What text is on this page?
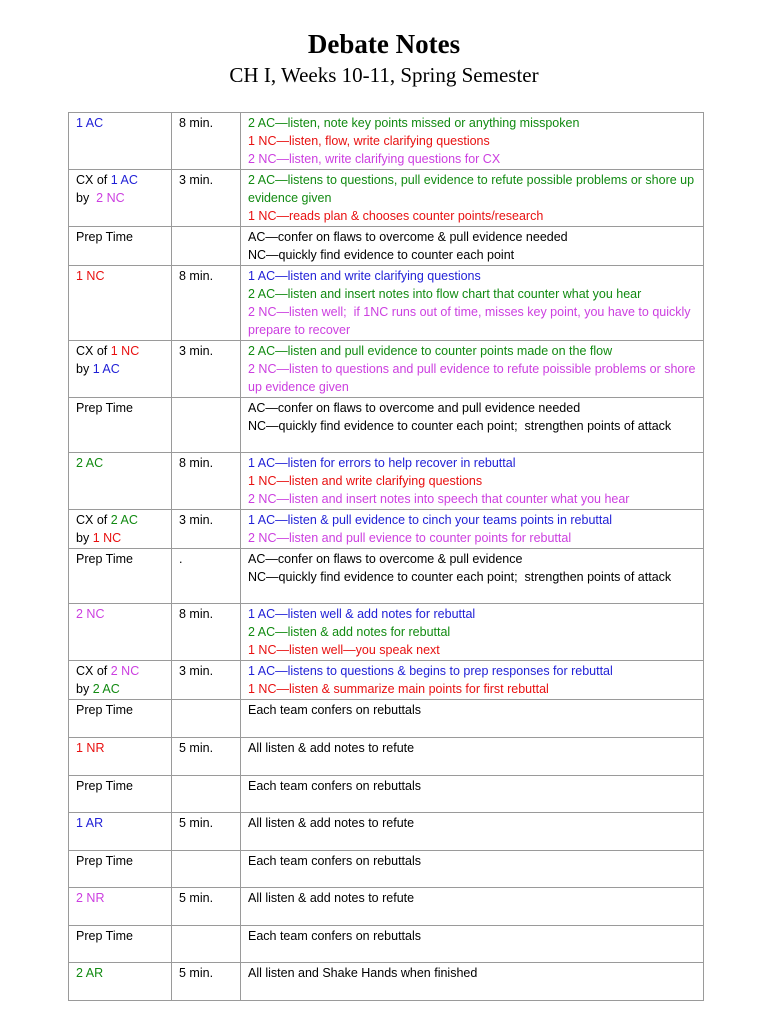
Debate Notes
CH I, Weeks 10-11, Spring Semester
1 AC	8 min.	2 AC—listen, note key points missed or anything misspoken
1 NC—listen, flow, write clarifying questions
2 NC—listen, write clarifying questions for CX

CX of 1 AC
by  2 NC	3 min.	2 AC—listens to questions, pull evidence to refute possible problems or shore up evidence given
1 NC—reads plan & chooses counter points/research

Prep Time		AC—confer on flaws to overcome & pull evidence needed
NC—quickly find evidence to counter each point

1 NC	8 min.	1 AC—listen and write clarifying questions
2 AC—listen and insert notes into flow chart that counter what you hear
2 NC—listen well;  if 1NC runs out of time, misses key point, you have to quickly prepare to recover

CX of 1 NC
by 1 AC	3 min.	2 AC—listen and pull evidence to counter points made on the flow
2 NC—listen to questions and pull evidence to refute poissible problems or shore up evidence given

Prep Time		AC—confer on flaws to overcome and pull evidence needed
NC—quickly find evidence to counter each point;  strengthen points of attack

2 AC	8 min.	1 AC—listen for errors to help recover in rebuttal
1 NC—listen and write clarifying questions
2 NC—listen and insert notes into speech that counter what you hear

CX of 2 AC
by 1 NC	3 min.	1 AC—listen & pull evidence to cinch your teams points in rebuttal
2 NC—listen and pull evience to counter points for rebuttal

Prep Time	.	AC—confer on flaws to overcome & pull evidence
NC—quickly find evidence to counter each point;  strengthen points of attack

2 NC	8 min.	1 AC—listen well & add notes for rebuttal
2 AC—listen & add notes for rebuttal
1 NC—listen well—you speak next

CX of 2 NC
by 2 AC	3 min.	1 AC—listens to questions & begins to prep responses for rebuttal
1 NC—listen & summarize main points for first rebuttal

Prep Time		Each team confers on rebuttals

1 NR	5 min.	All listen & add notes to refute

Prep Time		Each team confers on rebuttals

1 AR	5 min.	All listen & add notes to refute

Prep Time		Each team confers on rebuttals

2 NR	5 min.	All listen & add notes to refute

Prep Time		Each team confers on rebuttals

2 AR	5 min.	All listen and Shake Hands when finished
